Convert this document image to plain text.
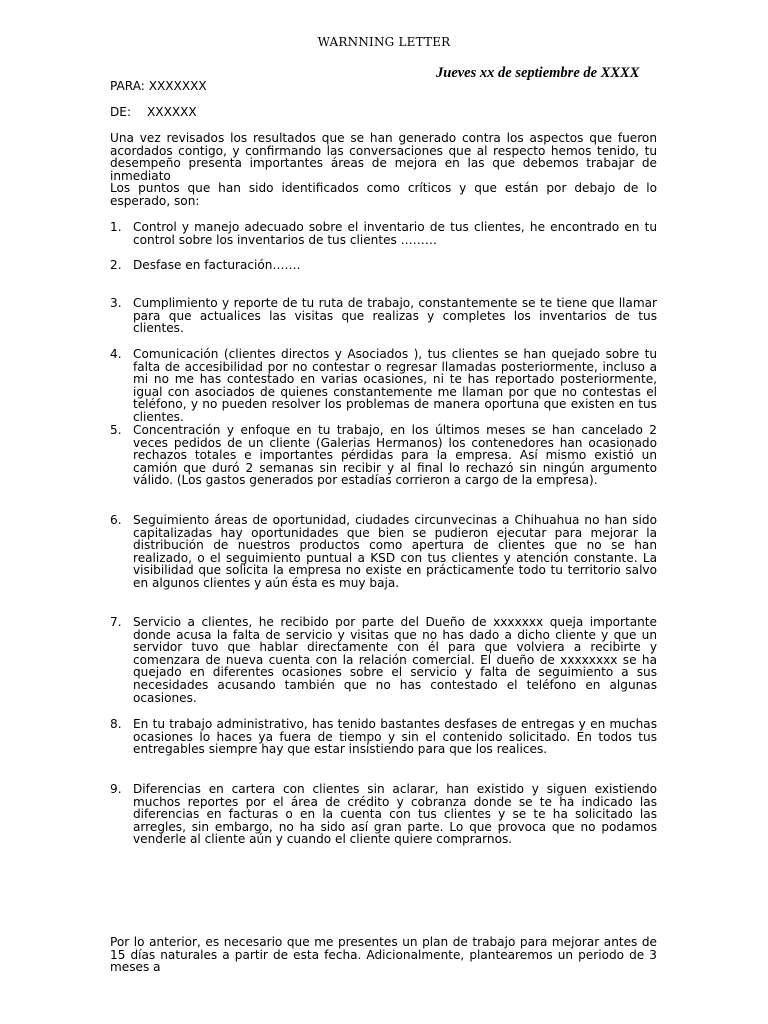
WARNNING LETTER
Jueves xx de septiembre de XXXX
PARA: XXXXXXX
DE: XXXXXX

Una vez revisados los resultados que se han generado contra los aspectos que fueron acordados contigo, y confirmando las conversaciones que al respecto hemos tenido, tu desempeño presenta importantes áreas de mejora en las que debemos trabajar de inmediato

Los puntos que han sido identificados como críticos y que están por debajo de lo esperado, son:

1. Control y manejo adecuado sobre el inventario de tus clientes, he encontrado en tu control sobre los inventarios de tus clientes ………

2. Desfase en facturación…….

3. Cumplimiento y reporte de tu ruta de trabajo, constantemente se te tiene que llamar para que actualices las visitas que realizas y completes los inventarios de tus clientes.

4. Comunicación (clientes directos y Asociados ), tus clientes se han quejado sobre tu falta de accesibilidad por no contestar o regresar llamadas posteriormente, incluso a mi no me has contestado en varias ocasiones, ni te has reportado posteriormente, igual con asociados de quienes constantemente me llaman por que no contestas el teléfono, y no pueden resolver los problemas de manera oportuna que existen en tus clientes.

5. Concentración y enfoque en tu trabajo, en los últimos meses se han cancelado 2 veces pedidos de un cliente (Galerias Hermanos) los contenedores han ocasionado rechazos totales e importantes pérdidas para la empresa. Así mismo existió un camión que duró 2 semanas sin recibir y al final lo rechazó sin ningún argumento válido. (Los gastos generados por estadías corrieron a cargo de la empresa).

6. Seguimiento áreas de oportunidad, ciudades circunvecinas a Chihuahua no han sido capitalizadas hay oportunidades que bien se pudieron ejecutar para mejorar la distribución de nuestros productos como apertura de clientes que no se han realizado, o el seguimiento puntual a KSD con tus clientes y atención constante. La visibilidad que solicita la empresa no existe en prácticamente todo tu territorio salvo en algunos clientes y aún ésta es muy baja.

7. Servicio a clientes, he recibido por parte del Dueño de xxxxxxx queja importante donde acusa la falta de servicio y visitas que no has dado a dicho cliente y que un servidor tuvo que hablar directamente con él para que volviera a recibirte y comenzara de nueva cuenta con la relación comercial. El dueño de xxxxxxxx se ha quejado en diferentes ocasiones sobre el servicio y falta de seguimiento a sus necesidades acusando también que no has contestado el teléfono en algunas ocasiones.

8. En tu trabajo administrativo, has tenido bastantes desfases de entregas y en muchas ocasiones lo haces ya fuera de tiempo y sin el contenido solicitado. En todos tus entregables siempre hay que estar insistiendo para que los realices.

9. Diferencias en cartera con clientes sin aclarar, han existido y siguen existiendo muchos reportes por el área de crédito y cobranza donde se te ha indicado las diferencias en facturas o en la cuenta con tus clientes y se te ha solicitado las arregles, sin embargo, no ha sido así gran parte. Lo que provoca que no podamos venderle al cliente aún y cuando el cliente quiere comprarnos.

Por lo anterior, es necesario que me presentes un plan de trabajo para mejorar antes de 15 días naturales a partir de esta fecha. Adicionalmente, plantearemos un periodo de 3 meses a
